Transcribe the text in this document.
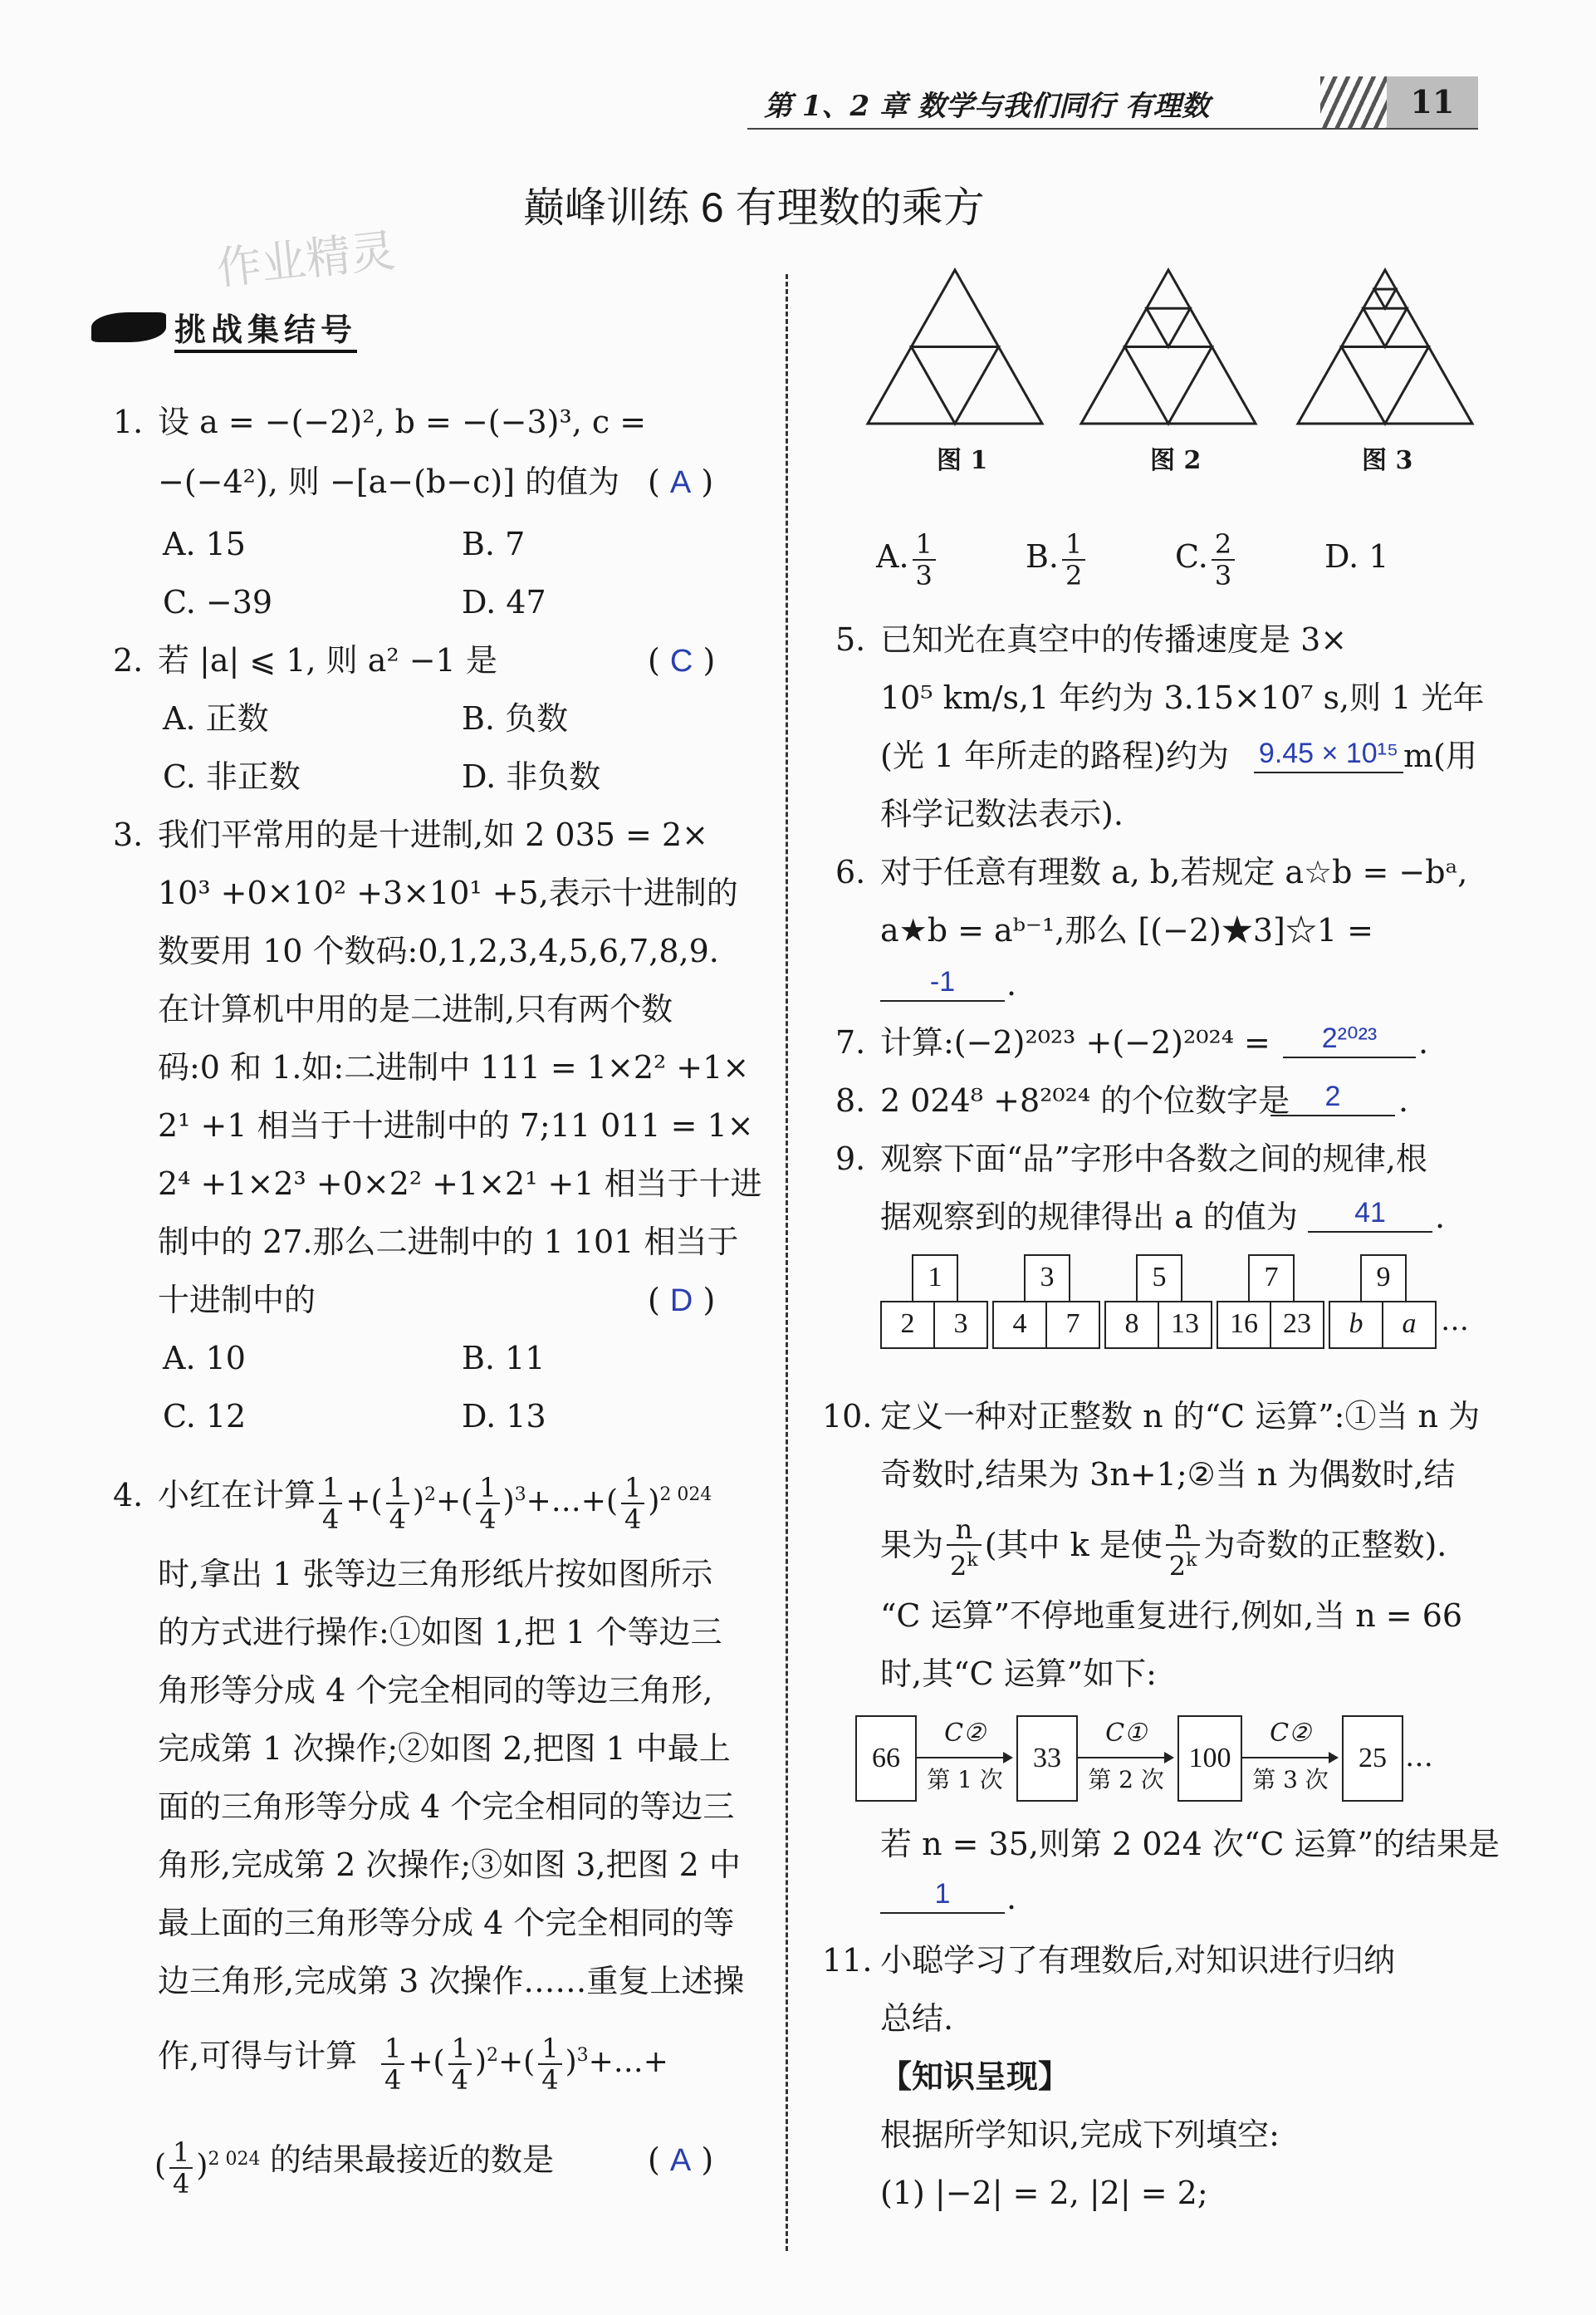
第 1、2 章 数学与我们同行 有理数	11
巅峰训练 6 有理数的乘方
作业精灵
挑战集结号
1. 设 a = −(−2)², b = −(−3)³, c =
−(−4²), 则 −[a−(b−c)] 的值为 ( A )
A. 15	B. 7
C. −39	D. 47
2. 若 |a| ⩽ 1, 则 a² −1 是	( C )
A. 正数	B. 负数
C. 非正数	D. 非负数
3. 我们平常用的是十进制,如 2 035 = 2×
10³ +0×10² +3×10¹ +5,表示十进制的
数要用 10 个数码:0,1,2,3,4,5,6,7,8,9.
在计算机中用的是二进制,只有两个数
码:0 和 1.如:二进制中 111 = 1×2² +1×
2¹ +1 相当于十进制中的 7;11 011 = 1×
2⁴ +1×2³ +0×2² +1×2¹ +1 相当于十进
制中的 27.那么二进制中的 1 101 相当于
十进制中的	( D )
A. 10	B. 11
C. 12	D. 13
4. 小红在计算 $\frac{1}{4}$ +( $\frac{1}{4} )^2+( \frac{1}{4}$ )$^3+\dots+( \frac{1}{4} )^{2 024}$
时,拿出 1 张等边三角形纸片按如图所示
的方式进行操作:①如图 1,把 1 个等边三
角形等分成 4 个完全相同的等边三角形,
完成第 1 次操作;②如图 2,把图 1 中最上
面的三角形等分成 4 个完全相同的等边三
角形,完成第 2 次操作;③如图 3,把图 2 中
最上面的三角形等分成 4 个完全相同的等
边三角形,完成第 3 次操作……重复上述操
作,可得与计算 $\frac{1}{4}$ +( $\frac{1}{4} )^2+( \frac{1}{4}$ )$^3+\dots+$
( $\frac{1}{4} )^{2 024}$ 的结果最接近的数是	( A )
图 1	图 2	图 3
A. $\frac{1}{3}$	B. $\frac{1}{2}$	C. $\frac{2}{3}$	D. 1
5. 已知光在真空中的传播速度是 3×
10⁵ km/s,1 年约为 3.15×10⁷ s,则 1 光年
(光 1 年所走的路程)约为 9.45 × 10¹⁵ m(用
科学记数法表示).
6. 对于任意有理数 a, b,若规定 a☆b = −bᵃ,
a★b = aᵇ⁻¹,那么 [(−2)★3]☆1 =
-1	.
7. 计算:(−2)²⁰²³ +(−2)²⁰²⁴ =	2²⁰²³	.
8. 2 024⁸ +8²⁰²⁴ 的个位数字是	2	.
9. 观察下面“品”字形中各数之间的规律,根
据观察到的规律得出 a 的值为	41	.
1
2	3
3
4	7
5
8	13
7
16 23
9
b	a …
10. 定义一种对正整数 n 的“C 运算”:①当 n 为
奇数时,结果为 3n+1;②当 n 为偶数时,结
果为 $\frac{n}{2^k}$ (其中 k 是使 $\frac{n}{2^k}$ 为奇数的正整数).
“C 运算”不停地重复进行,例如,当 n = 66
时,其“C 运算”如下:
66
C②
第 1 次
33
C①
第 2 次
100
C②
第 3 次
25 …
若 n = 35,则第 2 024 次“C 运算”的结果是
1	.
11. 小聪学习了有理数后,对知识进行归纳
总结.
【知识呈现】
根据所学知识,完成下列填空:
(1) |−2| = 2, |2| = 2;
